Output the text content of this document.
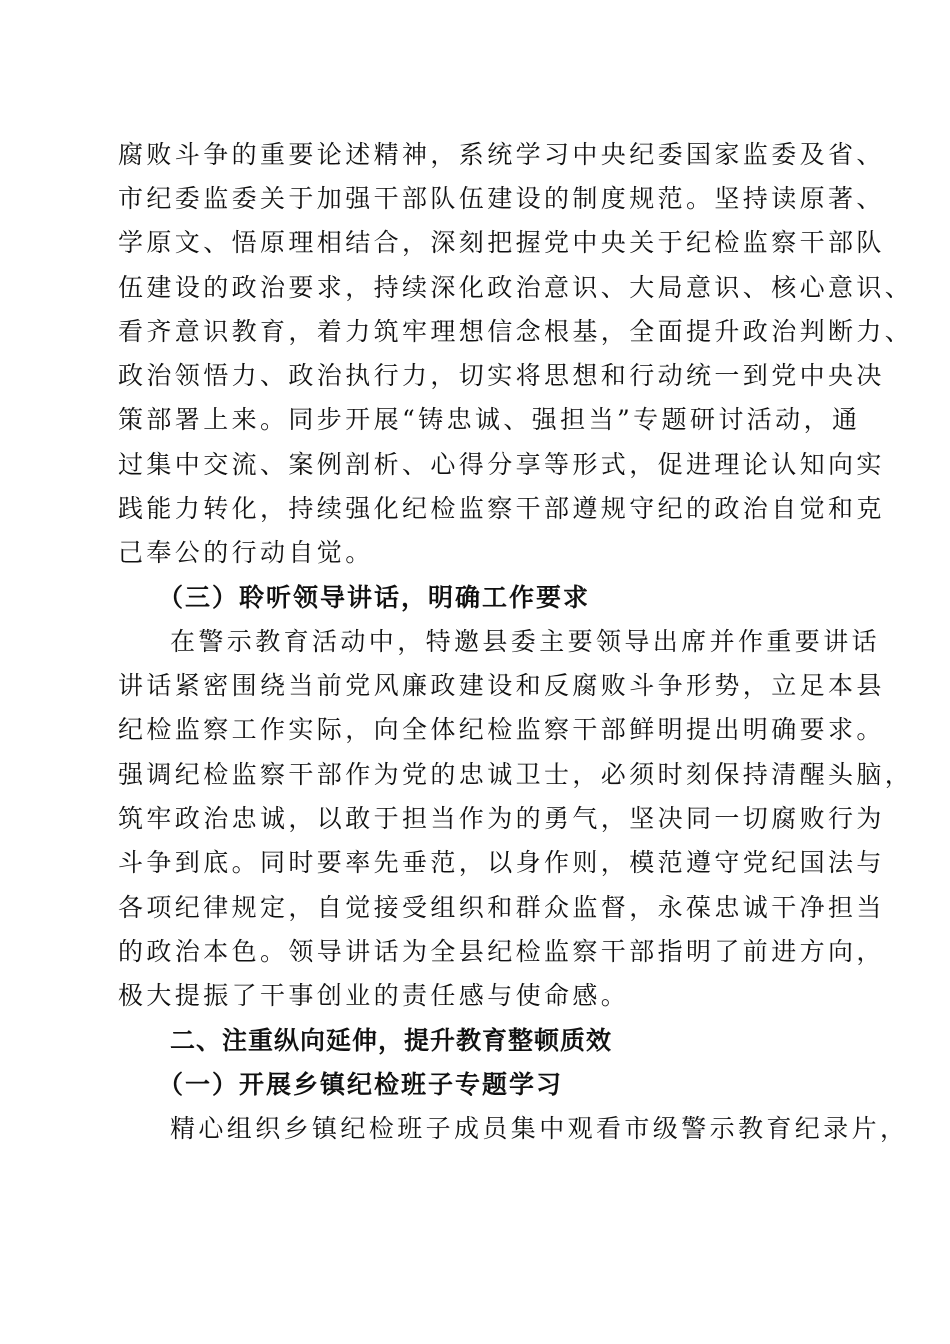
腐败斗争的重要论述精神，系统学习中央纪委国家监委及省、
市纪委监委关于加强干部队伍建设的制度规范。坚持读原著、
学原文、悟原理相结合，深刻把握党中央关于纪检监察干部队
伍建设的政治要求，持续深化政治意识、大局意识、核心意识、
看齐意识教育，着力筑牢理想信念根基，全面提升政治判断力、
政治领悟力、政治执行力，切实将思想和行动统一到党中央决
策部署上来。同步开展“铸忠诚、强担当”专题研讨活动，通
过集中交流、案例剖析、心得分享等形式，促进理论认知向实
践能力转化，持续强化纪检监察干部遵规守纪的政治自觉和克
己奉公的行动自觉。
（三）聆听领导讲话，明确工作要求
在警示教育活动中，特邀县委主要领导出席并作重要讲话
讲话紧密围绕当前党风廉政建设和反腐败斗争形势，立足本县
纪检监察工作实际，向全体纪检监察干部鲜明提出明确要求。
强调纪检监察干部作为党的忠诚卫士，必须时刻保持清醒头脑，
筑牢政治忠诚，以敢于担当作为的勇气，坚决同一切腐败行为
斗争到底。同时要率先垂范，以身作则，模范遵守党纪国法与
各项纪律规定，自觉接受组织和群众监督，永葆忠诚干净担当
的政治本色。领导讲话为全县纪检监察干部指明了前进方向，
极大提振了干事创业的责任感与使命感。
二、注重纵向延伸，提升教育整顿质效
（一）开展乡镇纪检班子专题学习
精心组织乡镇纪检班子成员集中观看市级警示教育纪录片，
